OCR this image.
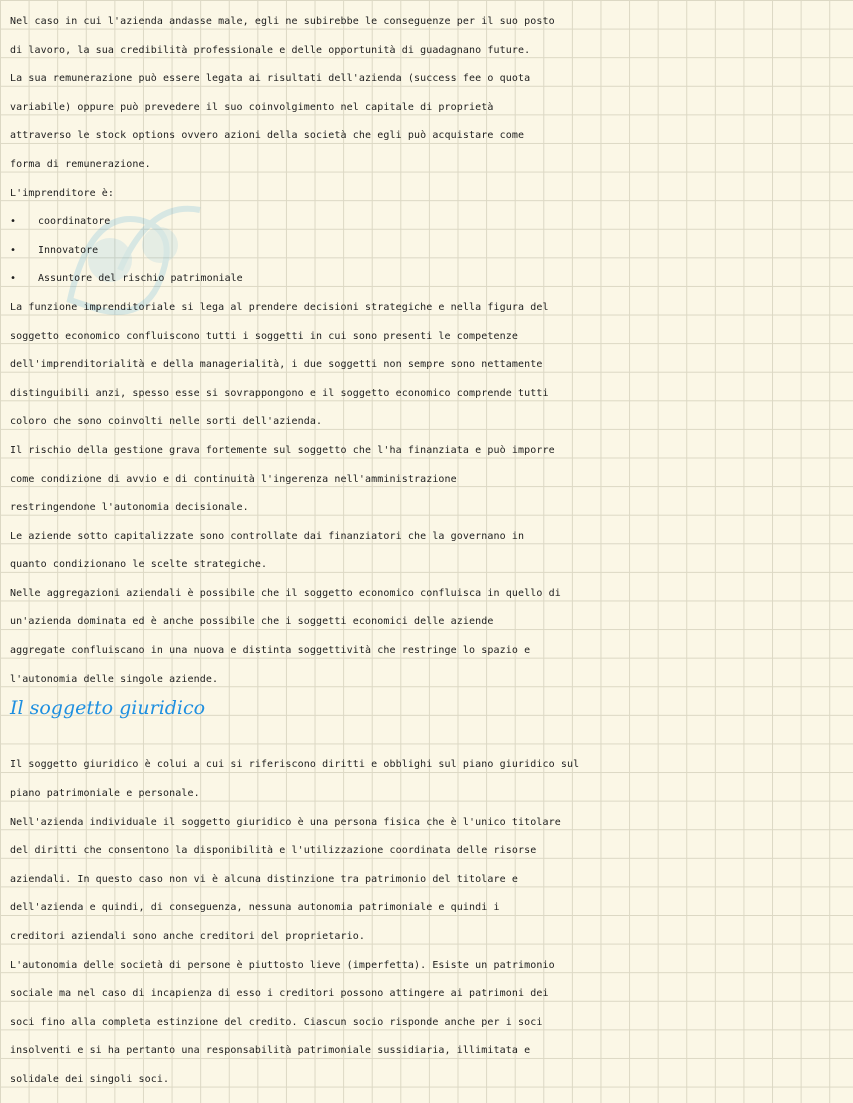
Nel caso in cui l'azienda andasse male, egli ne subirebbe le conseguenze per il suo posto
di lavoro, la sua credibilità professionale e delle opportunità di guadagnano future.
La sua remunerazione può essere legata ai risultati dell'azienda (success fee o quota
variabile) oppure può prevedere il suo coinvolgimento nel capitale di proprietà
attraverso le stock options ovvero azioni della società che egli può acquistare come
forma di remunerazione.
L'imprenditore è:
•	coordinatore
•	Innovatore
•	Assuntore del rischio patrimoniale
La funzione imprenditoriale si lega al prendere decisioni strategiche e nella figura del
soggetto economico confluiscono tutti i soggetti in cui sono presenti le competenze
dell'imprenditorialità e della managerialità, i due soggetti non sempre sono nettamente
distinguibili anzi, spesso esse si sovrappongono e il soggetto economico comprende tutti
coloro che sono coinvolti nelle sorti dell'azienda.
Il rischio della gestione grava fortemente sul soggetto che l'ha finanziata e può imporre
come condizione di avvio e di continuità l'ingerenza nell'amministrazione
restringendone l'autonomia decisionale.
Le aziende sotto capitalizzate sono controllate dai finanziatori che la governano in
quanto condizionano le scelte strategiche.
Nelle aggregazioni aziendali è possibile che il soggetto economico confluisca in quello di
un'azienda dominata ed è anche possibile che i soggetti economici delle aziende
aggregate confluiscano in una nuova e distinta soggettività che restringe lo spazio e
l'autonomia delle singole aziende.
Il soggetto giuridico
Il soggetto giuridico è colui a cui si riferiscono diritti e obblighi sul piano giuridico sul
piano patrimoniale e personale.
Nell'azienda individuale il soggetto giuridico è una persona fisica che è l'unico titolare
del diritti che consentono la disponibilità e l'utilizzazione coordinata delle risorse
aziendali. In questo caso non vi è alcuna distinzione tra patrimonio del titolare e
dell'azienda e quindi, di conseguenza, nessuna autonomia patrimoniale e quindi i
creditori aziendali sono anche creditori del proprietario.
L'autonomia delle società di persone è piuttosto lieve (imperfetta). Esiste un patrimonio
sociale ma nel caso di incapienza di esso i creditori possono attingere ai patrimoni dei
soci fino alla completa estinzione del credito. Ciascun socio risponde anche per i soci
insolventi e si ha pertanto una responsabilità patrimoniale sussidiaria, illimitata e
solidale dei singoli soci.
